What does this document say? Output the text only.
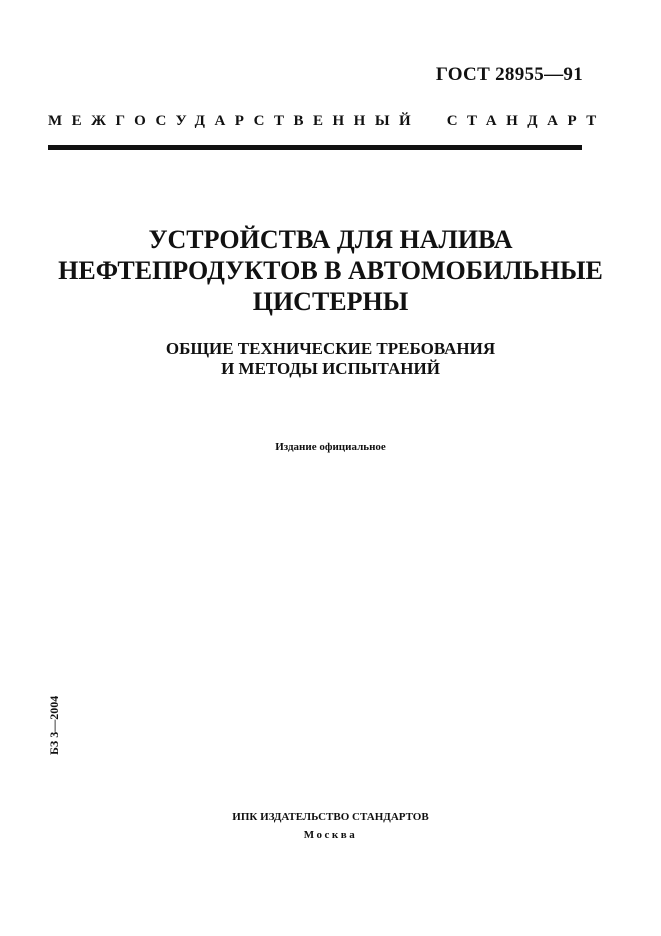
ГОСТ 28955—91
МЕЖГОСУДАРСТВЕННЫЙ  СТАНДАРТ
УСТРОЙСТВА ДЛЯ НАЛИВА
НЕФТЕПРОДУКТОВ В АВТОМОБИЛЬНЫЕ
ЦИСТЕРНЫ
ОБЩИЕ ТЕХНИЧЕСКИЕ ТРЕБОВАНИЯ
И МЕТОДЫ ИСПЫТАНИЙ
Издание официальное
БЗ 3—2004
ИПК ИЗДАТЕЛЬСТВО СТАНДАРТОВ
Москва
